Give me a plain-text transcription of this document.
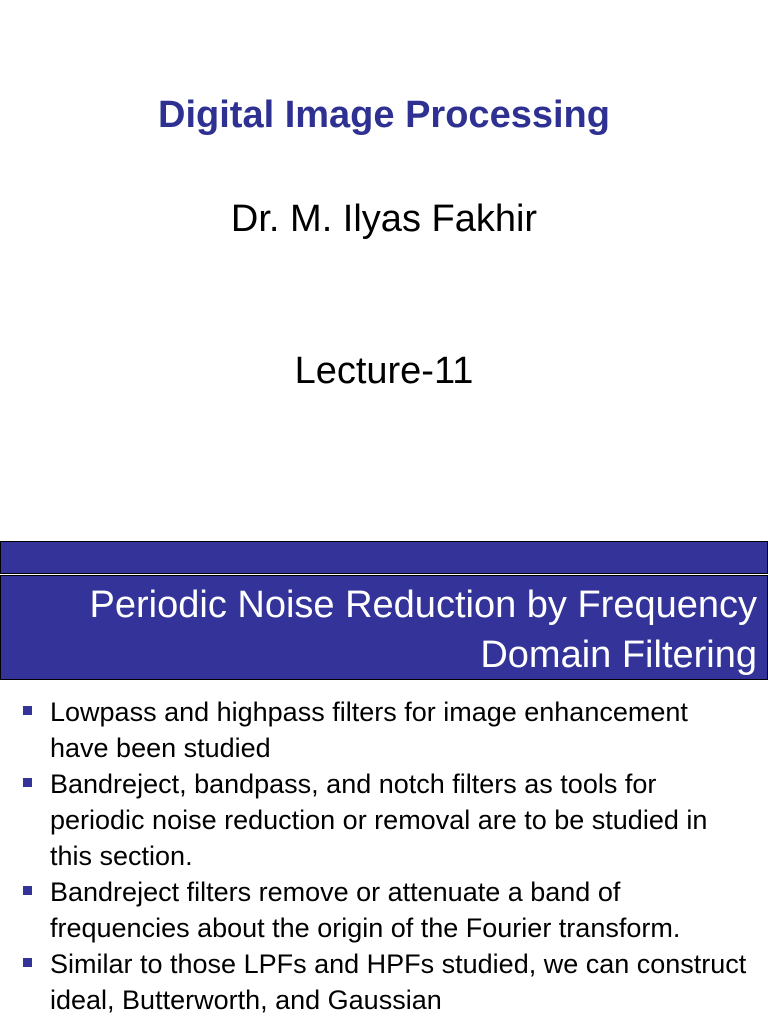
Digital Image Processing
Dr. M. Ilyas Fakhir
Lecture-11
Periodic Noise Reduction by Frequency
Domain Filtering
Lowpass and highpass filters for image enhancement have been studied
Bandreject, bandpass, and notch filters as tools for periodic noise reduction or removal are to be studied in this section.
Bandreject filters remove or attenuate a band of frequencies about the origin of the Fourier transform.
Similar to those LPFs and HPFs studied, we can construct ideal, Butterworth, and Gaussian
